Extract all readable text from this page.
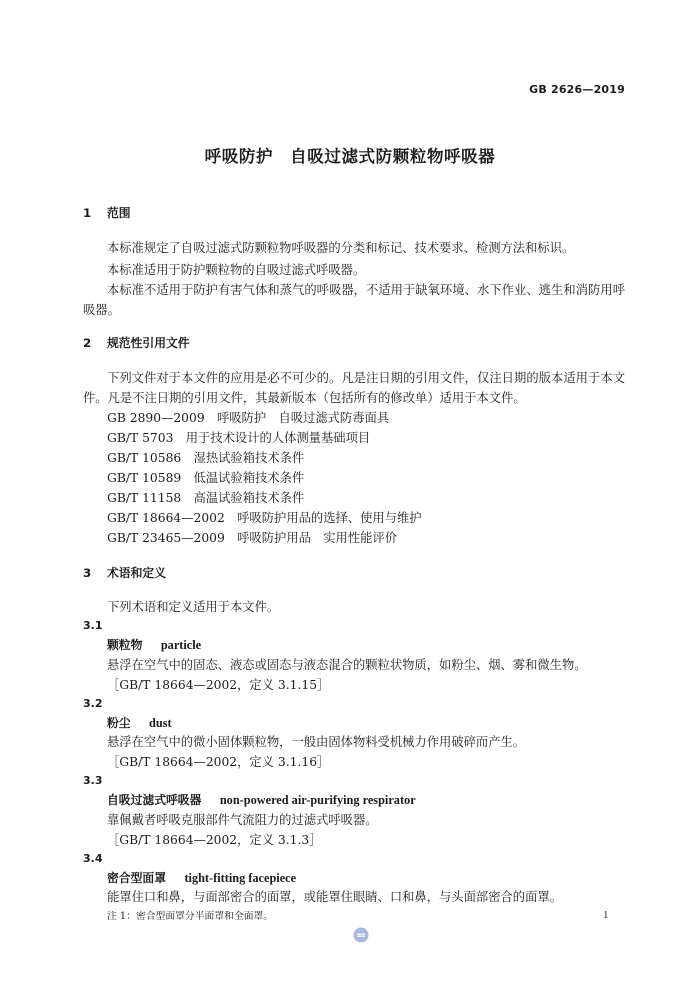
GB 2626—2019
呼吸防护　自吸过滤式防颗粒物呼吸器
1 范围
本标准规定了自吸过滤式防颗粒物呼吸器的分类和标记、技术要求、检测方法和标识。
本标准适用于防护颗粒物的自吸过滤式呼吸器。
本标准不适用于防护有害气体和蒸气的呼吸器，不适用于缺氧环境、水下作业、逃生和消防用呼
吸器。
2 规范性引用文件
下列文件对于本文件的应用是必不可少的。凡是注日期的引用文件，仅注日期的版本适用于本文
件。凡是不注日期的引用文件，其最新版本（包括所有的修改单）适用于本文件。
GB 2890—2009 呼吸防护　自吸过滤式防毒面具
GB/T 5703 用于技术设计的人体测量基础项目
GB/T 10586 湿热试验箱技术条件
GB/T 10589 低温试验箱技术条件
GB/T 11158 高温试验箱技术条件
GB/T 18664—2002 呼吸防护用品的选择、使用与维护
GB/T 23465—2009 呼吸防护用品　实用性能评价
3 术语和定义
下列术语和定义适用于本文件。
3.1
颗粒物 particle
悬浮在空气中的固态、液态或固态与液态混合的颗粒状物质，如粉尘、烟、雾和微生物。
［GB/T 18664—2002，定义 3.1.15］
3.2
粉尘 dust
悬浮在空气中的微小固体颗粒物，一般由固体物料受机械力作用破碎而产生。
［GB/T 18664—2002，定义 3.1.16］
3.3
自吸过滤式呼吸器 non-powered air-purifying respirator
靠佩戴者呼吸克服部件气流阻力的过滤式呼吸器。
［GB/T 18664—2002，定义 3.1.3］
3.4
密合型面罩 tight-fitting facepiece
能罩住口和鼻，与面部密合的面罩，或能罩住眼睛、口和鼻，与头面部密合的面罩。
注 1：密合型面罩分半面罩和全面罩。	1
